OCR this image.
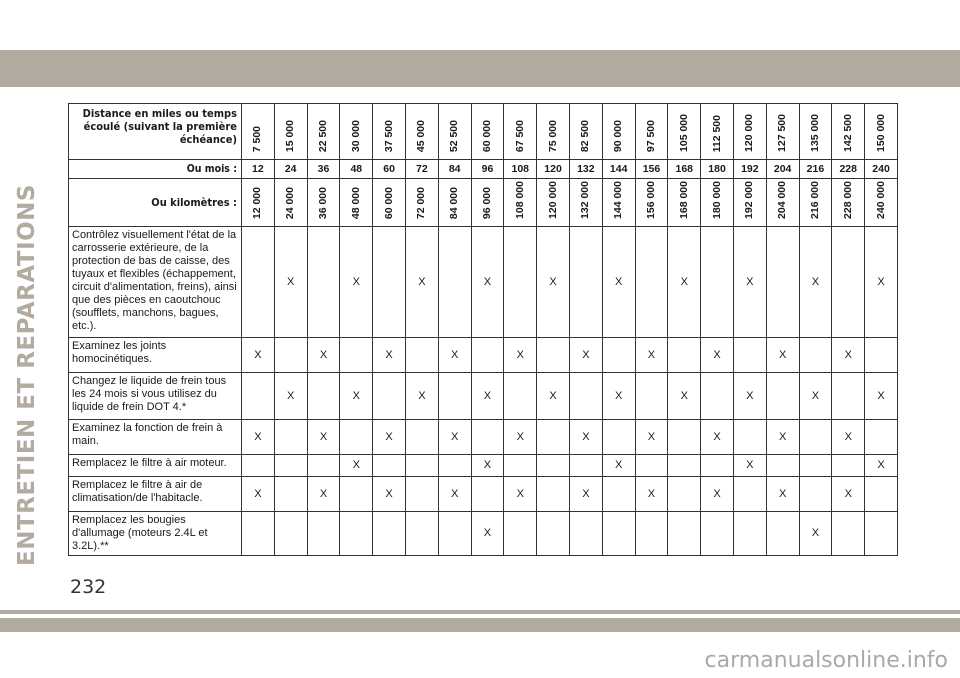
ENTRETIEN ET REPARATIONS
Distance en miles ou temps écoulé (suivant la première échéance)	7 500	15 000	22 500	30 000	37 500	45 000	52 500	60 000	67 500	75 000	82 500	90 000	97 500	105 000	112 500	120 000	127 500	135 000	142 500	150 000
Ou mois :	12	24	36	48	60	72	84	96	108	120	132	144	156	168	180	192	204	216	228	240
Ou kilomètres :	12 000	24 000	36 000	48 000	60 000	72 000	84 000	96 000	108 000	120 000	132 000	144 000	156 000	168 000	180 000	192 000	204 000	216 000	228 000	240 000
Contrôlez visuellement l'état de la carrosserie extérieure, de la protection de bas de caisse, des tuyaux et flexibles (échappement, circuit d'alimentation, freins), ainsi que des pièces en caoutchouc (soufflets, manchons, bagues, etc.).		X		X		X		X		X		X		X		X		X		X
Examinez les joints homocinétiques.	X		X		X		X		X		X		X		X		X		X	
Changez le liquide de frein tous les 24 mois si vous utilisez du liquide de frein DOT 4.*		X		X		X		X		X		X		X		X		X		X
Examinez la fonction de frein à main.	X		X		X		X		X		X		X		X		X		X	
Remplacez le filtre à air moteur.				X				X				X				X				X
Remplacez le filtre à air de climatisation/de l'habitacle.	X		X		X		X		X		X		X		X		X		X	
Remplacez les bougies d'allumage (moteurs 2.4L et 3.2L).**								X										X		
232
carmanualsonline.info
